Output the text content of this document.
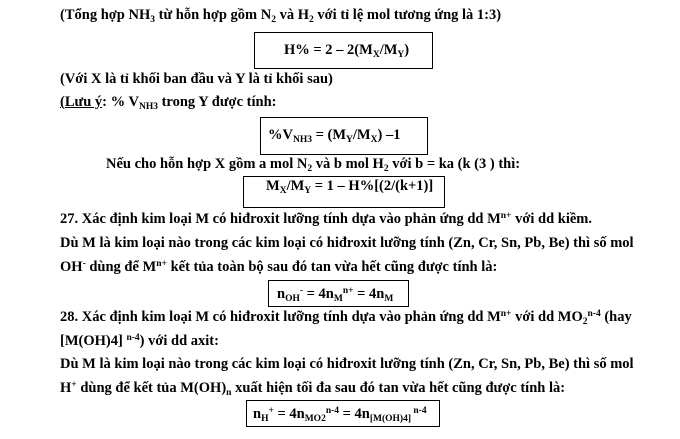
(Tổng hợp $NH_3$ từ hỗn hợp gồm $N_2$ và $H_2$ với tỉ lệ mol tương ứng là 1:3)
$H\% = 2 - 2(M_X/M_Y)$
(Với X là tỉ khối ban đầu và Y là tỉ khối sau)
(Lưu ý: % $V_{NH3}$ trong Y được tính:
$\%V_{NH3} = (M_Y/M_X)$ –1
Nếu cho hỗn hợp X gồm a mol $N_2$ và b mol $H_2$ với b = ka (k (3 ) thì:
$M_X/M_Y = 1 - H\%[(2/(k+1)]$
27. Xác định kim loại M có hiđroxit lưỡng tính dựa vào phản ứng dd $M^{n+}$ với dd kiềm.
Dù M là kim loại nào trong các kim loại có hiđroxit lưỡng tính (Zn, Cr, Sn, Pb, Be) thì số mol
OH- dùng để $M^{n+}$ kết tủa toàn bộ sau đó tan vừa hết cũng được tính là:
$n_{OH}^- = 4n_M^{n+} = 4n_M$
28. Xác định kim loại M có hiđroxit lưỡng tính dựa vào phản ứng dd $M^{n+}$ với dd $MO_2^{n-4}$ (hay
[M(OH)4] $^{n-4}$) với dd axit:
Dù M là kim loại nào trong các kim loại có hiđroxit lưỡng tính (Zn, Cr, Sn, Pb, Be) thì số mol
H+ dùng để kết tủa $M(OH)_n$ xuất hiện tối đa sau đó tan vừa hết cũng được tính là:
$n_H^+ = 4n_{MO2}^{n-4} = 4n_{[M(OH)4]}$ $^{n-4}$
